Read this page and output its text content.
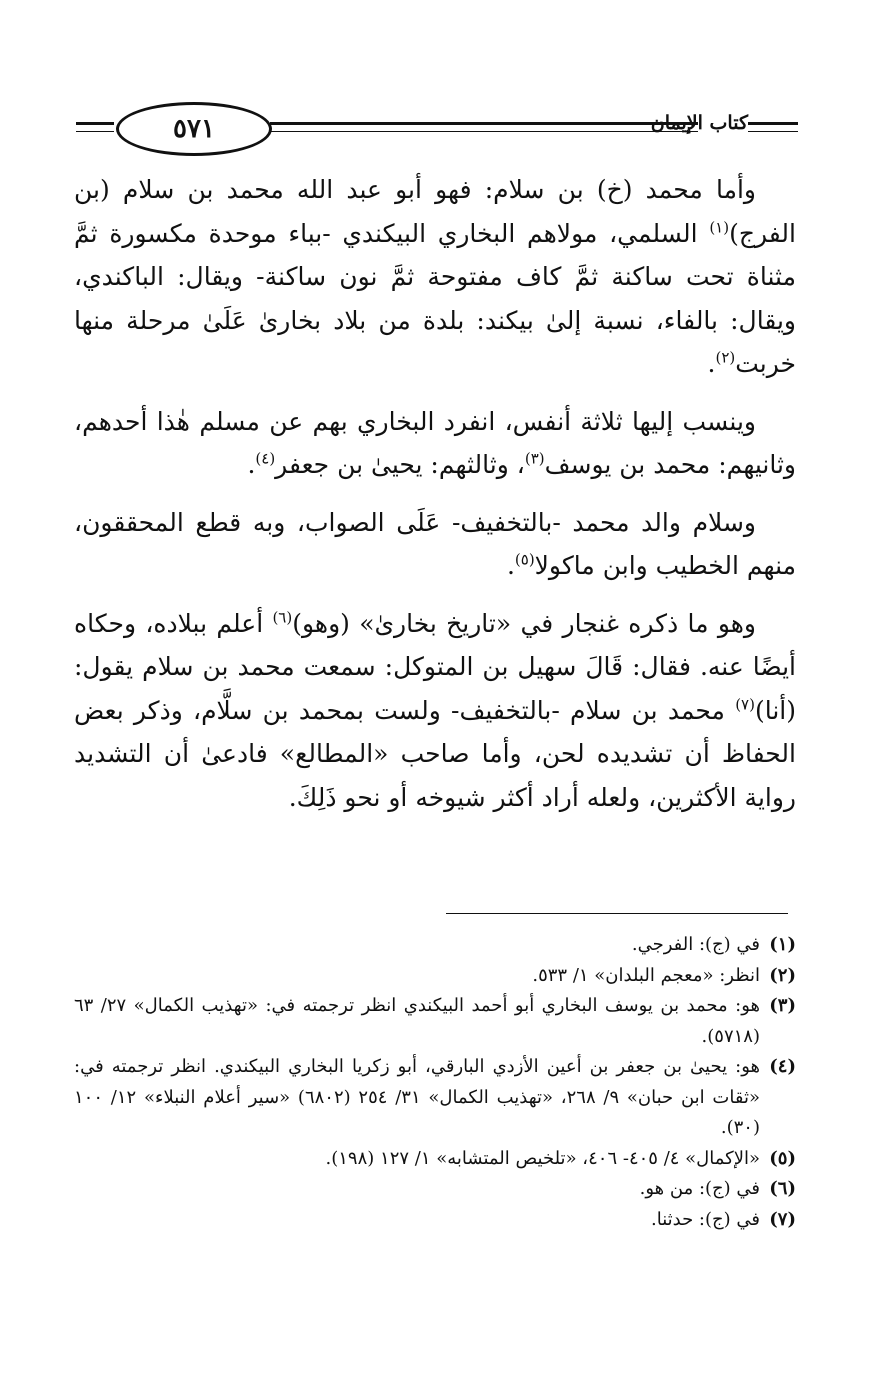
٥٧١	كتاب الإيمان

وأما محمد (خ) بن سلام: فهو أبو عبد الله محمد بن سلام (بن الفرج)$^{(١)}$ السلمي، مولاهم البخاري البيكندي -بباء موحدة مكسورة ثمَّ مثناة تحت ساكنة ثمَّ كاف مفتوحة ثمَّ نون ساكنة- ويقال: الباكندي، ويقال: بالفاء، نسبة إلىٰ بيكند: بلدة من بلاد بخارىٰ عَلَىٰ مرحلة منها خربت$^{(٢)}$.

وينسب إليها ثلاثة أنفس، انفرد البخاري بهم عن مسلم هٰذا أحدهم، وثانيهم: محمد بن يوسف$^{(٣)}$، وثالثهم: يحيىٰ بن جعفر$^{(٤)}$.

وسلام والد محمد -بالتخفيف- عَلَى الصواب، وبه قطع المحققون، منهم الخطيب وابن ماكولا$^{(٥)}$.

وهو ما ذكره غنجار في «تاريخ بخارىٰ» (وهو)$^{(٦)}$ أعلم ببلاده، وحكاه أيضًا عنه. فقال: قَالَ سهيل بن المتوكل: سمعت محمد بن سلام يقول: (أنا)$^{(٧)}$ محمد بن سلام -بالتخفيف- ولست بمحمد بن سلَّام، وذكر بعض الحفاظ أن تشديده لحن، وأما صاحب «المطالع» فادعىٰ أن التشديد رواية الأكثرين، ولعله أراد أكثر شيوخه أو نحو ذَلِكَ.

(١)
في (ج): الفرجي.
(٢)
انظر: «معجم البلدان» ١/ ٥٣٣.
(٣)
هو: محمد بن يوسف البخاري أبو أحمد البيكندي انظر ترجمته في: «تهذيب الكمال» ٢٧/ ٦٣ (٥٧١٨).
(٤)
هو: يحيىٰ بن جعفر بن أعين الأزدي البارقي، أبو زكريا البخاري البيكندي. انظر ترجمته في: «ثقات ابن حبان» ٩/ ٢٦٨، «تهذيب الكمال» ٣١/ ٢٥٤ (٦٨٠٢) «سير أعلام النبلاء» ١٢/ ١٠٠ (٣٠).
(٥)
«الإكمال» ٤/ ٤٠٥- ٤٠٦، «تلخيص المتشابه» ١/ ١٢٧ (١٩٨).
(٦)
في (ج): من هو.
(٧)
في (ج): حدثنا.
